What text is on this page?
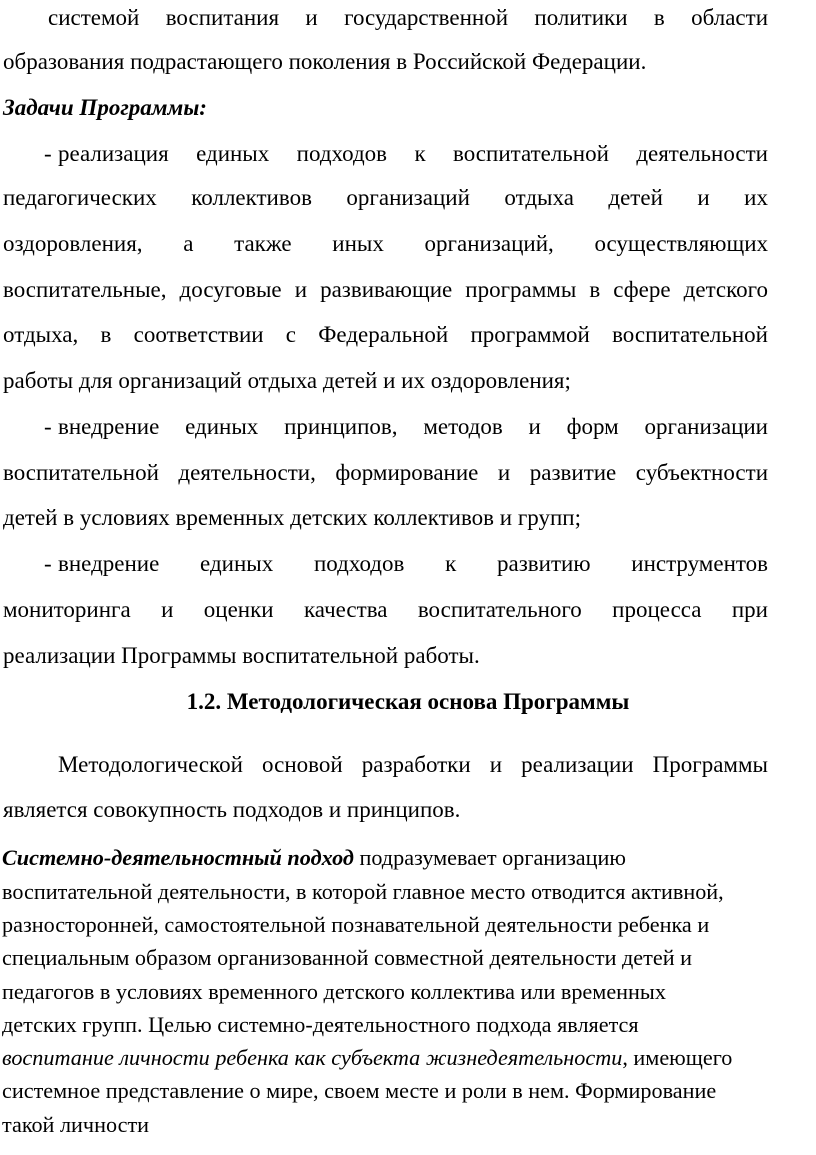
системой воспитания и государственной политики в области
образования подрастающего поколения в Российской Федерации.
Задачи Программы:
- реализация единых подходов к воспитательной деятельности
педагогических коллективов организаций отдыха детей и их
оздоровления, а также иных организаций, осуществляющих
воспитательные, досуговые и развивающие программы в сфере детского
отдыха, в соответствии с Федеральной программой воспитательной
работы для организаций отдыха детей и их оздоровления;
- внедрение единых принципов, методов и форм организации
воспитательной деятельности, формирование и развитие субъектности
детей в условиях временных детских коллективов и групп;
- внедрение единых подходов к развитию инструментов
мониторинга и оценки качества воспитательного процесса при
реализации Программы воспитательной работы.
1.2. Методологическая основа Программы
Методологической основой разработки и реализации Программы
является совокупность подходов и принципов.
Системно-деятельностный подход подразумевает организацию
воспитательной деятельности, в которой главное место отводится активной,
разносторонней, самостоятельной познавательной деятельности ребенка и
специальным образом организованной совместной деятельности детей и
педагогов в условиях временного детского коллектива или временных
детских групп. Целью системно-деятельностного подхода является
воспитание личности ребенка как субъекта жизнедеятельности, имеющего
системное представление о мире, своем месте и роли в нем. Формирование
такой личности
